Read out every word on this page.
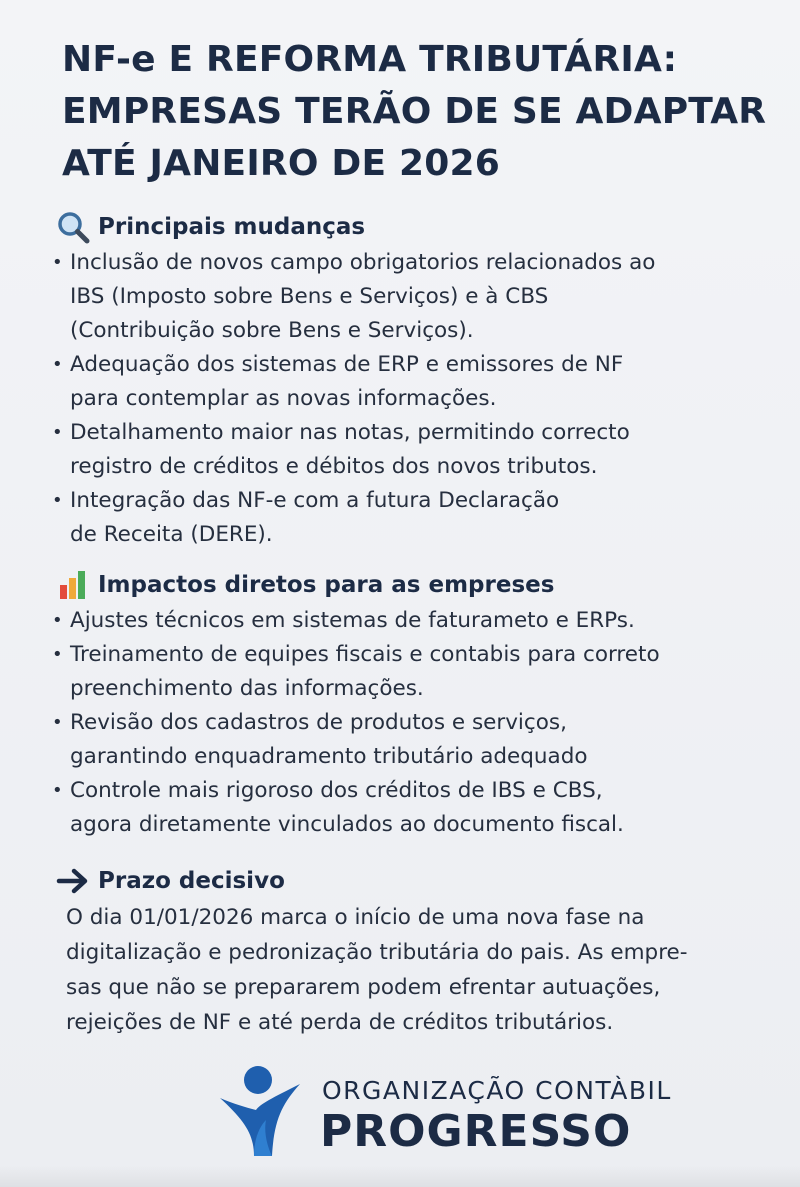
NF-e E REFORMA TRIBUTÁRIA:
EMPRESAS TERÃO DE SE ADAPTAR
ATÉ JANEIRO DE 2026
Principais mudanças
• Inclusão de novos campo obrigatorios relacionados ao
IBS (Imposto sobre Bens e Serviços) e à CBS
(Contribuição sobre Bens e Serviços).
• Adequação dos sistemas de ERP e emissores de NF
para contemplar as novas informações.
• Detalhamento maior nas notas, permitindo correcto
registro de créditos e débitos dos novos tributos.
• Integração das NF-e com a futura Declaração
de Receita (DERE).
Impactos diretos para as empreses
• Ajustes técnicos em sistemas de faturameto e ERPs.
• Treinamento de equipes fiscais e contabis para correto
preenchimento das informações.
• Revisão dos cadastros de produtos e serviços,
garantindo enquadramento tributário adequado
• Controle mais rigoroso dos créditos de IBS e CBS,
agora diretamente vinculados ao documento fiscal.
Prazo decisivo
O dia 01/01/2026 marca o início de uma nova fase na
digitalização e pedronização tributária do pais. As empre-
sas que não se prepararem podem efrentar autuações,
rejeições de NF e até perda de créditos tributários.
ORGANIZAÇÃO CONTÀBIL
PROGRESSO
